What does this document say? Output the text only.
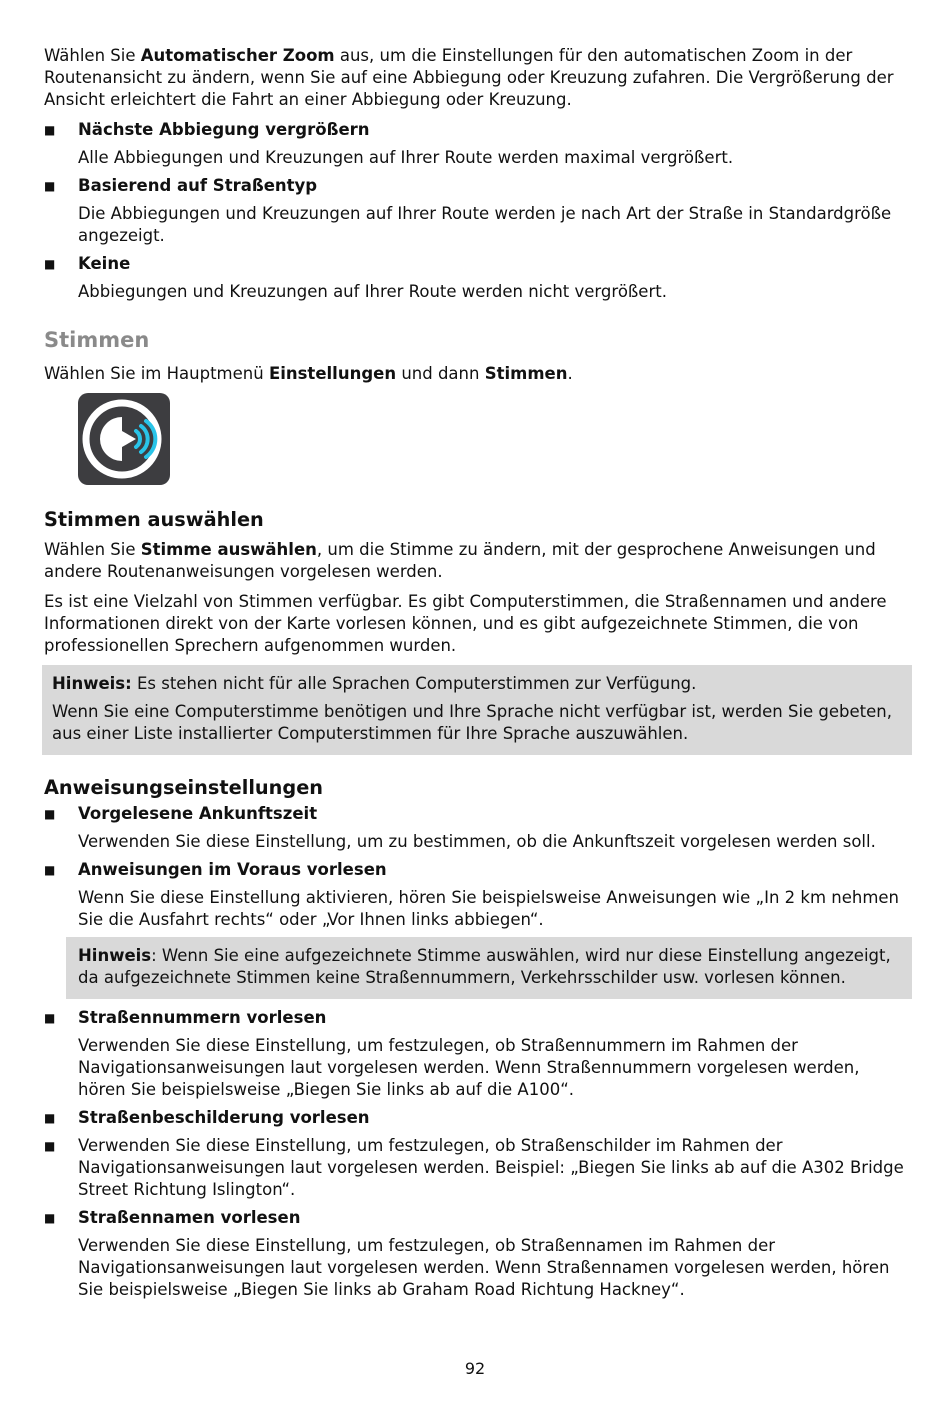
Wählen Sie Automatischer Zoom aus, um die Einstellungen für den automatischen Zoom in der Routenansicht zu ändern, wenn Sie auf eine Abbiegung oder Kreuzung zufahren. Die Vergrößerung der Ansicht erleichtert die Fahrt an einer Abbiegung oder Kreuzung.

■ Nächste Abbiegung vergrößern

Alle Abbiegungen und Kreuzungen auf Ihrer Route werden maximal vergrößert.

■ Basierend auf Straßentyp

Die Abbiegungen und Kreuzungen auf Ihrer Route werden je nach Art der Straße in Standardgröße angezeigt.

■ Keine

Abbiegungen und Kreuzungen auf Ihrer Route werden nicht vergrößert.

Stimmen

Wählen Sie im Hauptmenü Einstellungen und dann Stimmen.

Stimmen auswählen

Wählen Sie Stimme auswählen, um die Stimme zu ändern, mit der gesprochene Anweisungen und andere Routenanweisungen vorgelesen werden.

Es ist eine Vielzahl von Stimmen verfügbar. Es gibt Computerstimmen, die Straßennamen und andere Informationen direkt von der Karte vorlesen können, und es gibt aufgezeichnete Stimmen, die von professionellen Sprechern aufgenommen wurden.

Hinweis: Es stehen nicht für alle Sprachen Computerstimmen zur Verfügung.

Wenn Sie eine Computerstimme benötigen und Ihre Sprache nicht verfügbar ist, werden Sie gebeten, aus einer Liste installierter Computerstimmen für Ihre Sprache auszuwählen.

Anweisungseinstellungen
■ Vorgelesene Ankunftszeit

Verwenden Sie diese Einstellung, um zu bestimmen, ob die Ankunftszeit vorgelesen werden soll.

■ Anweisungen im Voraus vorlesen

Wenn Sie diese Einstellung aktivieren, hören Sie beispielsweise Anweisungen wie „In 2 km nehmen Sie die Ausfahrt rechts“ oder „Vor Ihnen links abbiegen“.

Hinweis: Wenn Sie eine aufgezeichnete Stimme auswählen, wird nur diese Einstellung angezeigt, da aufgezeichnete Stimmen keine Straßennummern, Verkehrsschilder usw. vorlesen können.

■ Straßennummern vorlesen

Verwenden Sie diese Einstellung, um festzulegen, ob Straßennummern im Rahmen der Navigationsanweisungen laut vorgelesen werden. Wenn Straßennummern vorgelesen werden, hören Sie beispielsweise „Biegen Sie links ab auf die A100“.

■ Straßenbeschilderung vorlesen

■ Verwenden Sie diese Einstellung, um festzulegen, ob Straßenschilder im Rahmen der Navigationsanweisungen laut vorgelesen werden. Beispiel: „Biegen Sie links ab auf die A302 Bridge Street Richtung Islington“.

■ Straßennamen vorlesen

Verwenden Sie diese Einstellung, um festzulegen, ob Straßennamen im Rahmen der Navigationsanweisungen laut vorgelesen werden. Wenn Straßennamen vorgelesen werden, hören Sie beispielsweise „Biegen Sie links ab Graham Road Richtung Hackney“.

92
